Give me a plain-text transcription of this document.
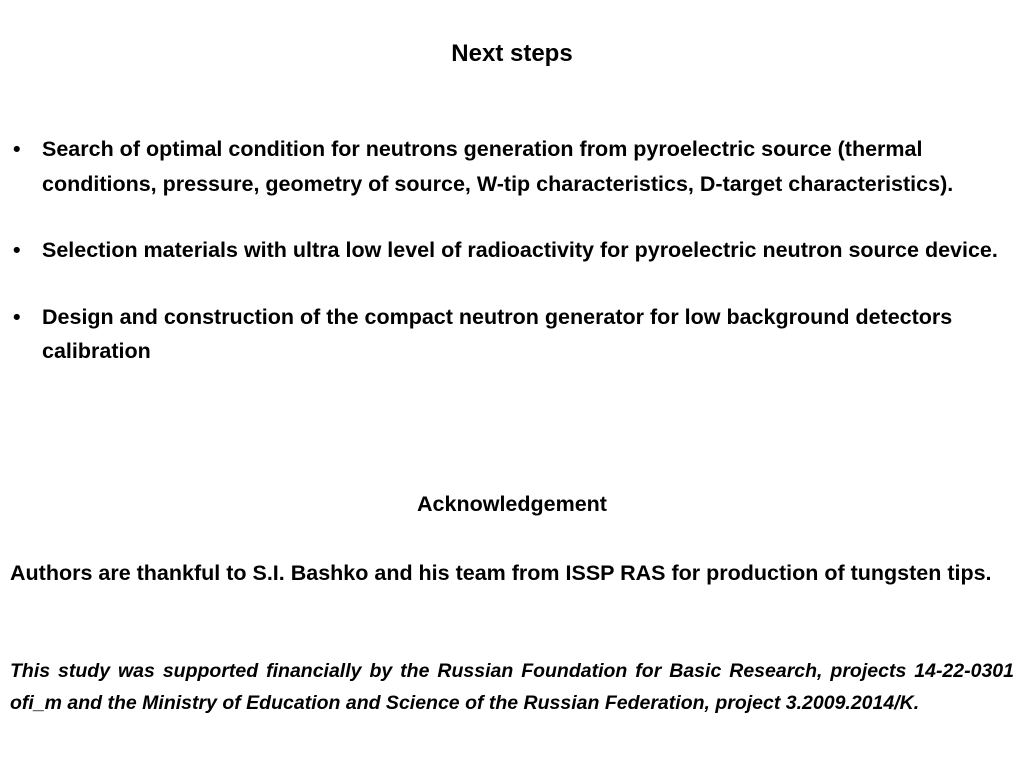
Next steps
• Search of optimal condition for neutrons generation from pyroelectric source (thermal conditions, pressure, geometry of source, W-tip characteristics, D-target characteristics).
• Selection materials with ultra low level of radioactivity for pyroelectric neutron source device.
• Design and construction of the compact neutron generator for low background detectors calibration
Acknowledgement
Authors are thankful to S.I. Bashko and his team from ISSP RAS for production of tungsten tips.
This study was supported financially by the Russian Foundation for Basic Research, projects 14-22-0301 ofi_m and the Ministry of Education and Science of the Russian Federation, project 3.2009.2014/K.
